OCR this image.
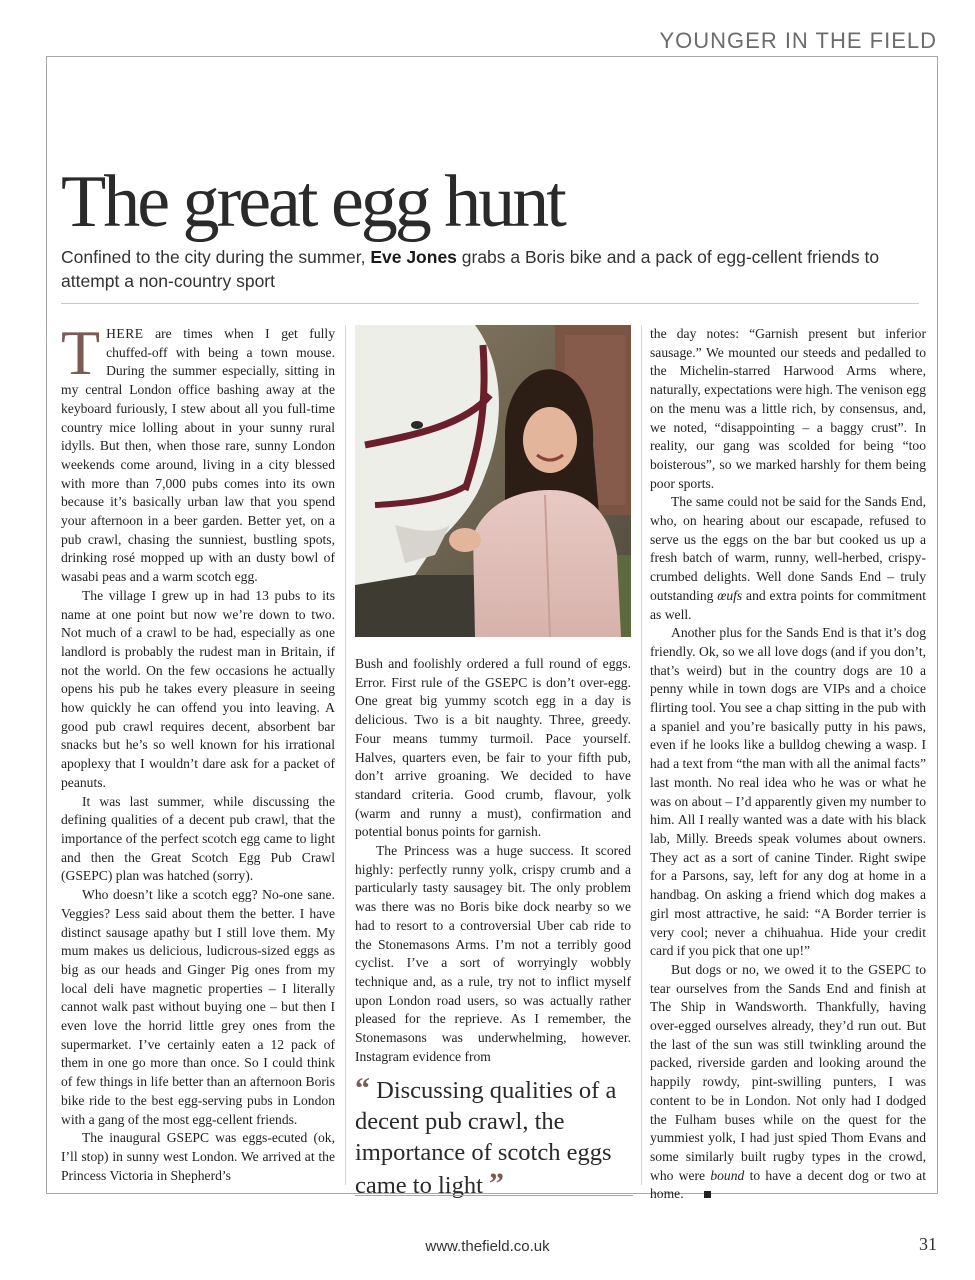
YOUNGER IN THE FIELD
The great egg hunt

Confined to the city during the summer, Eve Jones grabs a Boris bike and a pack of egg-cellent friends to attempt a non-country sport

THERE are times when I get fully chuffed-off with being a town mouse. During the summer especially, sitting in my central London office bashing away at the keyboard furiously, I stew about all you full-time country mice lolling about in your sunny rural idylls. But then, when those rare, sunny London weekends come around, living in a city blessed with more than 7,000 pubs comes into its own because it’s basically urban law that you spend your afternoon in a beer garden. Better yet, on a pub crawl, chasing the sunniest, bustling spots, drinking rosé mopped up with an dusty bowl of wasabi peas and a warm scotch egg.

The village I grew up in had 13 pubs to its name at one point but now we’re down to two. Not much of a crawl to be had, especially as one landlord is probably the rudest man in Britain, if not the world. On the few occasions he actually opens his pub he takes every pleasure in seeing how quickly he can offend you into leaving. A good pub crawl requires decent, absorbent bar snacks but he’s so well known for his irrational apoplexy that I wouldn’t dare ask for a packet of peanuts.

It was last summer, while discussing the defining qualities of a decent pub crawl, that the importance of the perfect scotch egg came to light and then the Great Scotch Egg Pub Crawl (GSEPC) plan was hatched (sorry).

Who doesn’t like a scotch egg? No-one sane. Veggies? Less said about them the better. I have distinct sausage apathy but I still love them. My mum makes us delicious, ludicrous-sized eggs as big as our heads and Ginger Pig ones from my local deli have magnetic properties – I literally cannot walk past without buying one – but then I even love the horrid little grey ones from the supermarket. I’ve certainly eaten a 12 pack of them in one go more than once. So I could think of few things in life better than an afternoon Boris bike ride to the best egg-serving pubs in London with a gang of the most egg-cellent friends.

The inaugural GSEPC was eggs-ecuted (ok, I’ll stop) in sunny west London. We arrived at the Princess Victoria in Shepherd’s

Bush and foolishly ordered a full round of eggs. Error. First rule of the GSEPC is don’t over-egg. One great big yummy scotch egg in a day is delicious. Two is a bit naughty. Three, greedy. Four means tummy turmoil. Pace yourself. Halves, quarters even, be fair to your fifth pub, don’t arrive groaning. We decided to have standard criteria. Good crumb, flavour, yolk (warm and runny a must), confirmation and potential bonus points for garnish.

The Princess was a huge success. It scored highly: perfectly runny yolk, crispy crumb and a particularly tasty sausagey bit. The only problem was there was no Boris bike dock nearby so we had to resort to a controversial Uber cab ride to the Stonemasons Arms. I’m not a terribly good cyclist. I’ve a sort of worryingly wobbly technique and, as a rule, try not to inflict myself upon London road users, so was actually rather pleased for the reprieve. As I remember, the Stonemasons was underwhelming, however. Instagram evidence from

“ Discussing qualities of a decent pub crawl, the importance of scotch eggs came to light ”

the day notes: “Garnish present but inferior sausage.” We mounted our steeds and pedalled to the Michelin-starred Harwood Arms where, naturally, expectations were high. The venison egg on the menu was a little rich, by consensus, and, we noted, “disappointing – a baggy crust”. In reality, our gang was scolded for being “too boisterous”, so we marked harshly for them being poor sports.

The same could not be said for the Sands End, who, on hearing about our escapade, refused to serve us the eggs on the bar but cooked us up a fresh batch of warm, runny, well-herbed, crispy-crumbed delights. Well done Sands End – truly outstanding œufs and extra points for commitment as well.

Another plus for the Sands End is that it’s dog friendly. Ok, so we all love dogs (and if you don’t, that’s weird) but in the country dogs are 10 a penny while in town dogs are VIPs and a choice flirting tool. You see a chap sitting in the pub with a spaniel and you’re basically putty in his paws, even if he looks like a bulldog chewing a wasp. I had a text from “the man with all the animal facts” last month. No real idea who he was or what he was on about – I’d apparently given my number to him. All I really wanted was a date with his black lab, Milly. Breeds speak volumes about owners. They act as a sort of canine Tinder. Right swipe for a Parsons, say, left for any dog at home in a handbag. On asking a friend which dog makes a girl most attractive, he said: “A Border terrier is very cool; never a chihuahua. Hide your credit card if you pick that one up!”

But dogs or no, we owed it to the GSEPC to tear ourselves from the Sands End and finish at The Ship in Wandsworth. Thankfully, having over-egged ourselves already, they’d run out. But the last of the sun was still twinkling around the packed, riverside garden and looking around the happily rowdy, pint-swilling punters, I was content to be in London. Not only had I dodged the Fulham buses while on the quest for the yummiest yolk, I had just spied Thom Evans and some similarly built rugby types in the crowd, who were bound to have a decent dog or two at home.

www.thefield.co.uk	31
